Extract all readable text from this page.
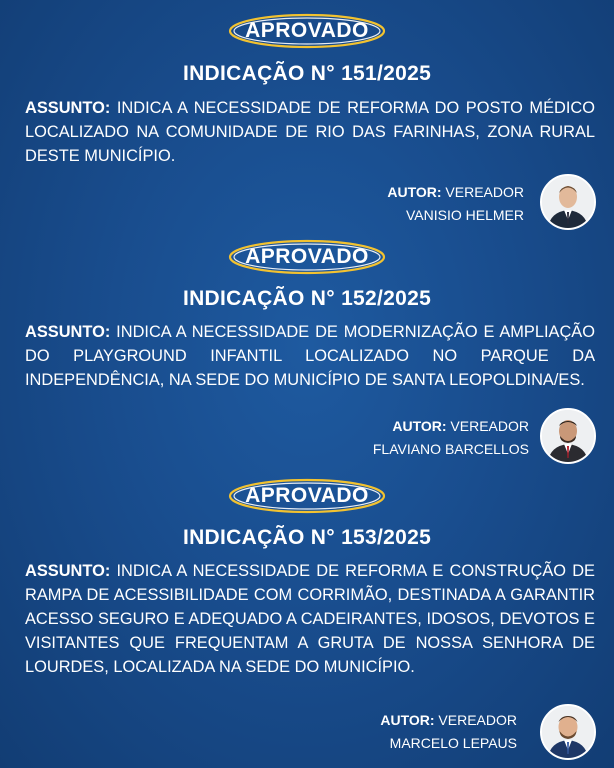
APROVADO
INDICAÇÃO N° 151/2025
ASSUNTO: INDICA A NECESSIDADE DE REFORMA DO POSTO MÉDICO LOCALIZADO NA COMUNIDADE DE RIO DAS FARINHAS, ZONA RURAL DESTE MUNICÍPIO.
AUTOR: VEREADOR
VANISIO HELMER
APROVADO
INDICAÇÃO N° 152/2025
ASSUNTO: INDICA A NECESSIDADE DE MODERNIZAÇÃO E AMPLIAÇÃO DO PLAYGROUND INFANTIL LOCALIZADO NO PARQUE DA INDEPENDÊNCIA, NA SEDE DO MUNICÍPIO DE SANTA LEOPOLDINA/ES.
AUTOR: VEREADOR
FLAVIANO BARCELLOS
APROVADO
INDICAÇÃO N° 153/2025
ASSUNTO: INDICA A NECESSIDADE DE REFORMA E CONSTRUÇÃO DE RAMPA DE ACESSIBILIDADE COM CORRIMÃO, DESTINADA A GARANTIR ACESSO SEGURO E ADEQUADO A CADEIRANTES, IDOSOS, DEVOTOS E VISITANTES QUE FREQUENTAM A GRUTA DE NOSSA SENHORA DE LOURDES, LOCALIZADA NA SEDE DO MUNICÍPIO.
AUTOR: VEREADOR
MARCELO LEPAUS
